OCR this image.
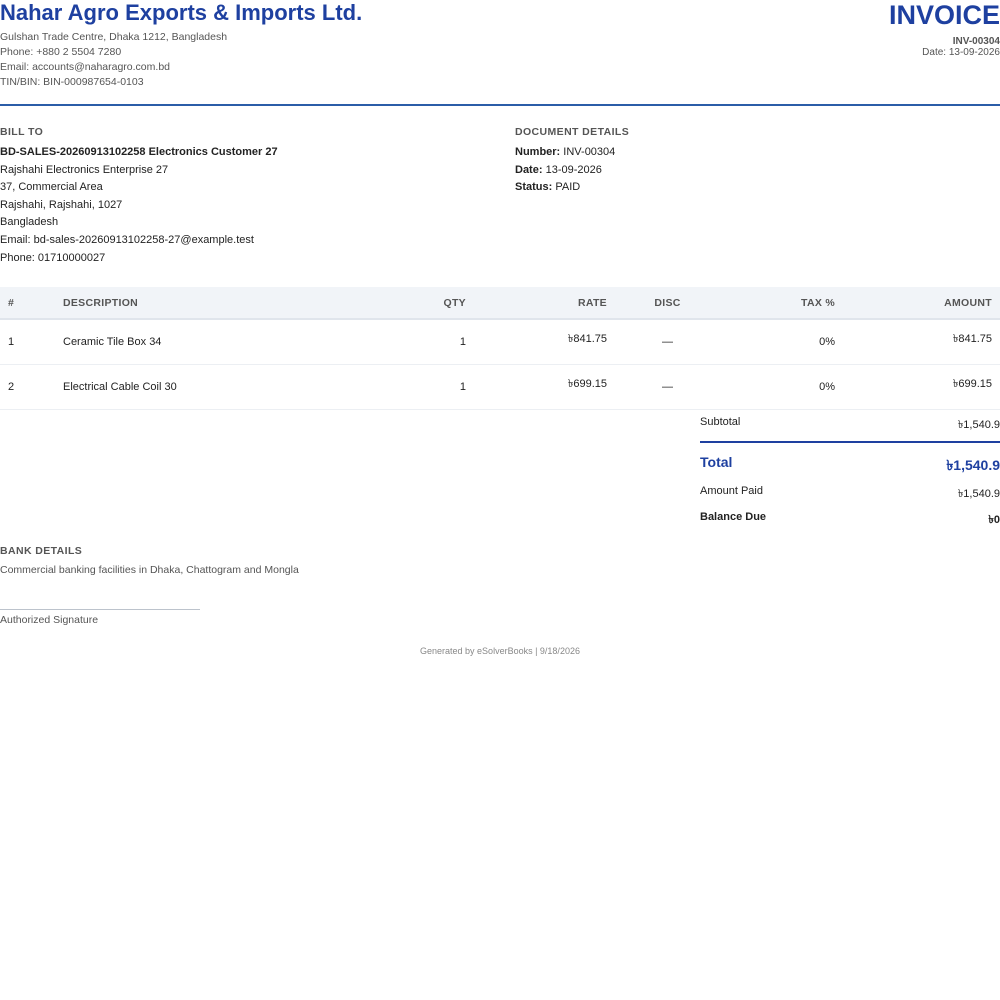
Nahar Agro Exports & Imports Ltd.
Gulshan Trade Centre, Dhaka 1212, Bangladesh
Phone: +880 2 5504 7280
Email: accounts@naharagro.com.bd
TIN/BIN: BIN-000987654-0103
INVOICE
INV-00304
Date: 13-09-2026
BILL TO
BD-SALES-20260913102258 Electronics Customer 27
Rajshahi Electronics Enterprise 27
37, Commercial Area
Rajshahi, Rajshahi, 1027
Bangladesh
Email: bd-sales-20260913102258-27@example.test
Phone: 01710000027
DOCUMENT DETAILS
Number: INV-00304
Date: 13-09-2026
Status: PAID
#	DESCRIPTION	QTY	RATE	DISC	TAX %	AMOUNT
1	Ceramic Tile Box 34	1	৳841.75	—	0%	৳841.75
2	Electrical Cable Coil 30	1	৳699.15	—	0%	৳699.15
Subtotal	৳1,540.9
Total	৳1,540.9
Amount Paid	৳1,540.9
Balance Due	৳0
BANK DETAILS
Commercial banking facilities in Dhaka, Chattogram and Mongla
Authorized Signature
Generated by eSolverBooks | 9/18/2026
